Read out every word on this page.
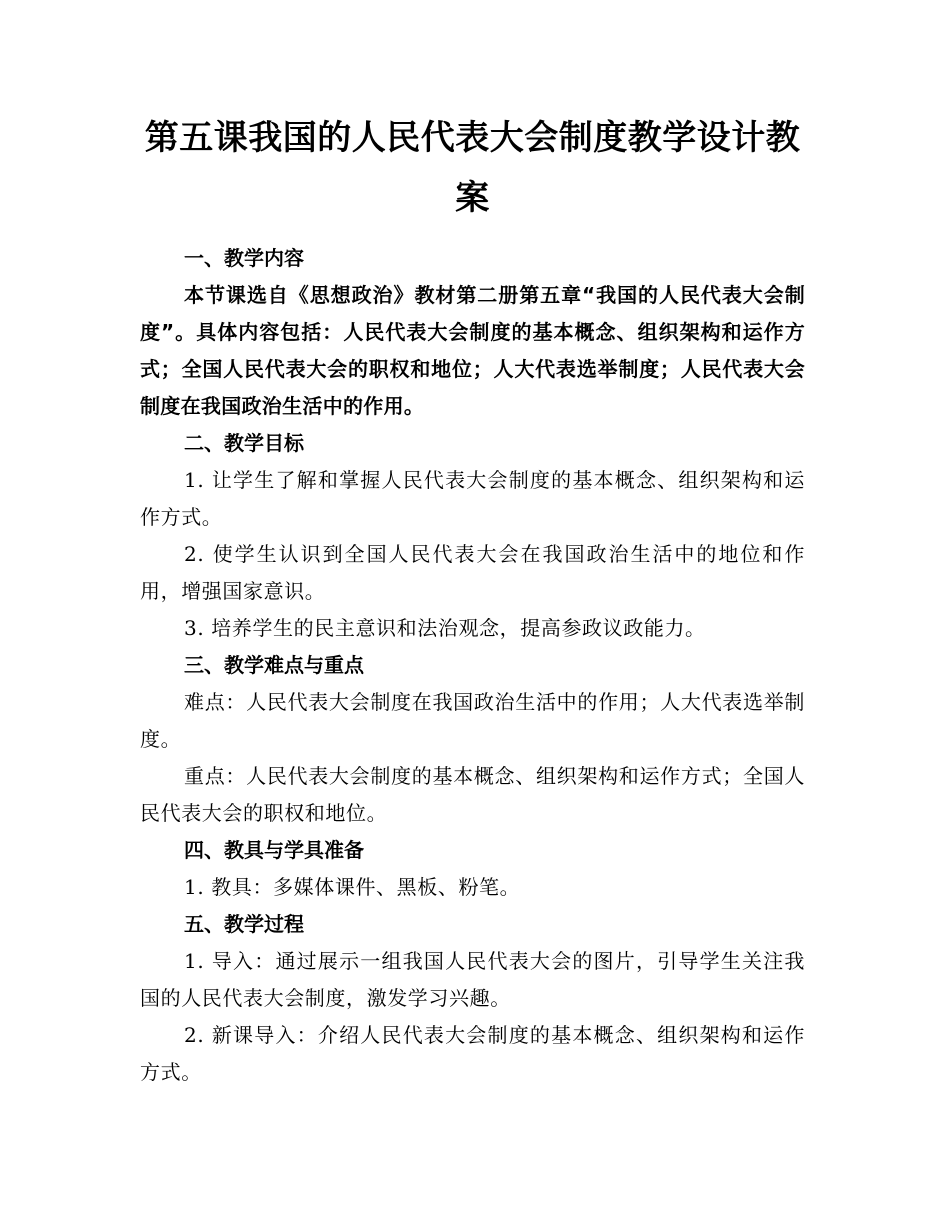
第五课我国的人民代表大会制度教学设计教案

一、教学内容

本节课选自《思想政治》教材第二册第五章“我国的人民代表大会制度”。具体内容包括：人民代表大会制度的基本概念、组织架构和运作方式；全国人民代表大会的职权和地位；人大代表选举制度；人民代表大会制度在我国政治生活中的作用。

二、教学目标

1. 让学生了解和掌握人民代表大会制度的基本概念、组织架构和运作方式。

2. 使学生认识到全国人民代表大会在我国政治生活中的地位和作用，增强国家意识。

3. 培养学生的民主意识和法治观念，提高参政议政能力。

三、教学难点与重点

难点：人民代表大会制度在我国政治生活中的作用；人大代表选举制度。

重点：人民代表大会制度的基本概念、组织架构和运作方式；全国人民代表大会的职权和地位。

四、教具与学具准备

1. 教具：多媒体课件、黑板、粉笔。

五、教学过程

1. 导入：通过展示一组我国人民代表大会的图片，引导学生关注我国的人民代表大会制度，激发学习兴趣。

2. 新课导入：介绍人民代表大会制度的基本概念、组织架构和运作方式。
